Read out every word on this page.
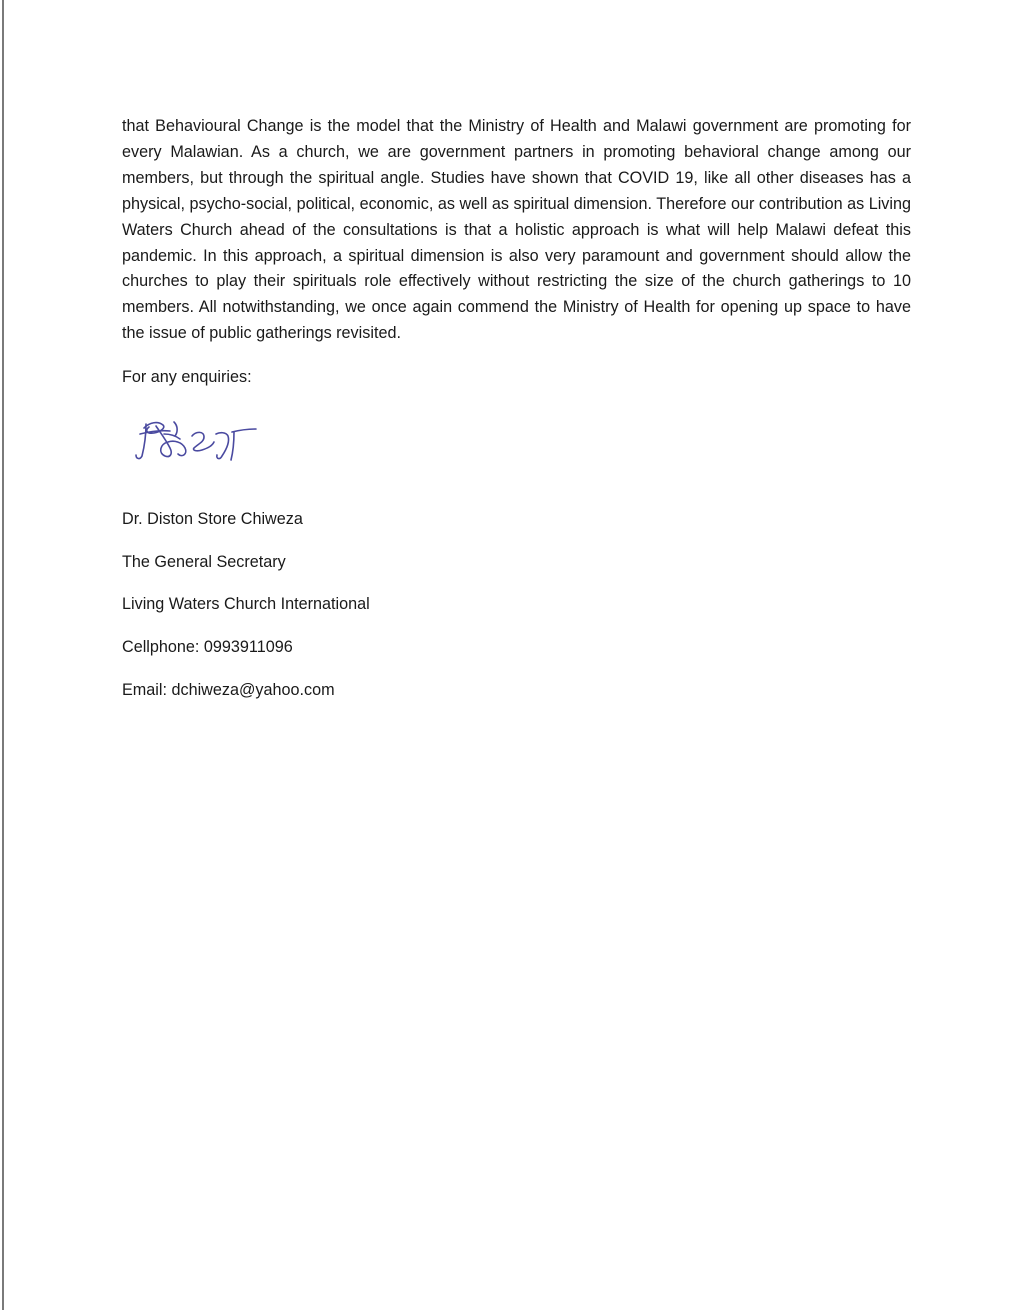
that Behavioural Change is the model that the Ministry of Health and Malawi government are promoting for every Malawian. As a church, we are government partners in promoting behavioral change among our members, but through the spiritual angle. Studies have shown that COVID 19, like all other diseases has a physical, psycho-social, political, economic, as well as spiritual dimension. Therefore our contribution as Living Waters Church ahead of the consultations is that a holistic approach is what will help Malawi defeat this pandemic. In this approach, a spiritual dimension is also very paramount and government should allow the churches to play their spirituals role effectively without restricting the size of the church gatherings to 10 members. All notwithstanding, we once again commend the Ministry of Health for opening up space to have the issue of public gatherings revisited.

For any enquiries:

Dr. Diston Store Chiweza

The General Secretary

Living Waters Church International

Cellphone: 0993911096

Email: dchiweza@yahoo.com
